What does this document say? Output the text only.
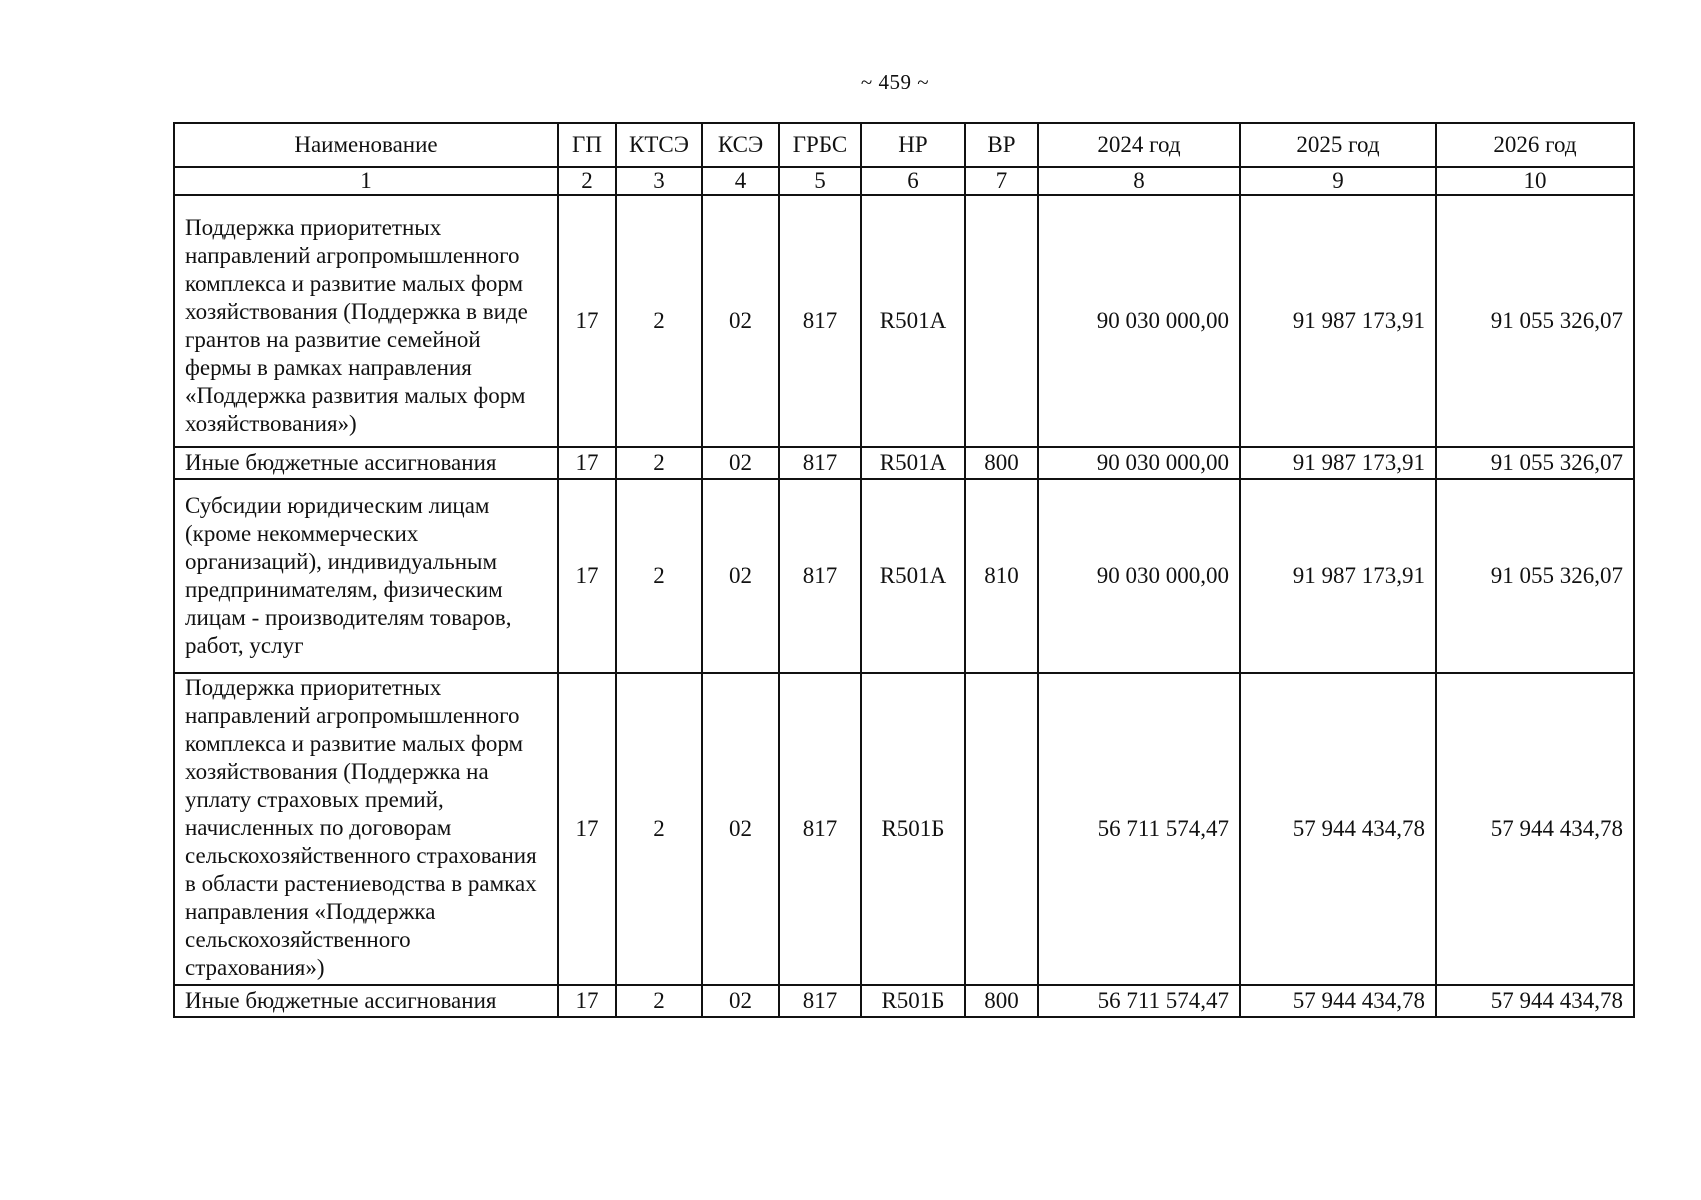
~ 459 ~
Наименование	ГП	КТСЭ	КСЭ	ГРБС	НР	ВР	2024 год	2025 год	2026 год
1	2	3	4	5	6	7	8	9	10
Поддержка приоритетных направлений агропромышленного комплекса и развитие малых форм хозяйствования (Поддержка в виде грантов на развитие семейной фермы в рамках направления «Поддержка развития малых форм хозяйствования»)	17	2	02	817	R501A		90 030 000,00	91 987 173,91	91 055 326,07
Иные бюджетные ассигнования	17	2	02	817	R501A	800	90 030 000,00	91 987 173,91	91 055 326,07
Субсидии юридическим лицам (кроме некоммерческих организаций), индивидуальным предпринимателям, физическим лицам - производителям товаров, работ, услуг	17	2	02	817	R501A	810	90 030 000,00	91 987 173,91	91 055 326,07
Поддержка приоритетных направлений агропромышленного комплекса и развитие малых форм хозяйствования (Поддержка на уплату страховых премий, начисленных по договорам сельскохозяйственного страхования в области растениеводства в рамках направления «Поддержка сельскохозяйственного страхования»)	17	2	02	817	R501Б		56 711 574,47	57 944 434,78	57 944 434,78
Иные бюджетные ассигнования	17	2	02	817	R501Б	800	56 711 574,47	57 944 434,78	57 944 434,78
